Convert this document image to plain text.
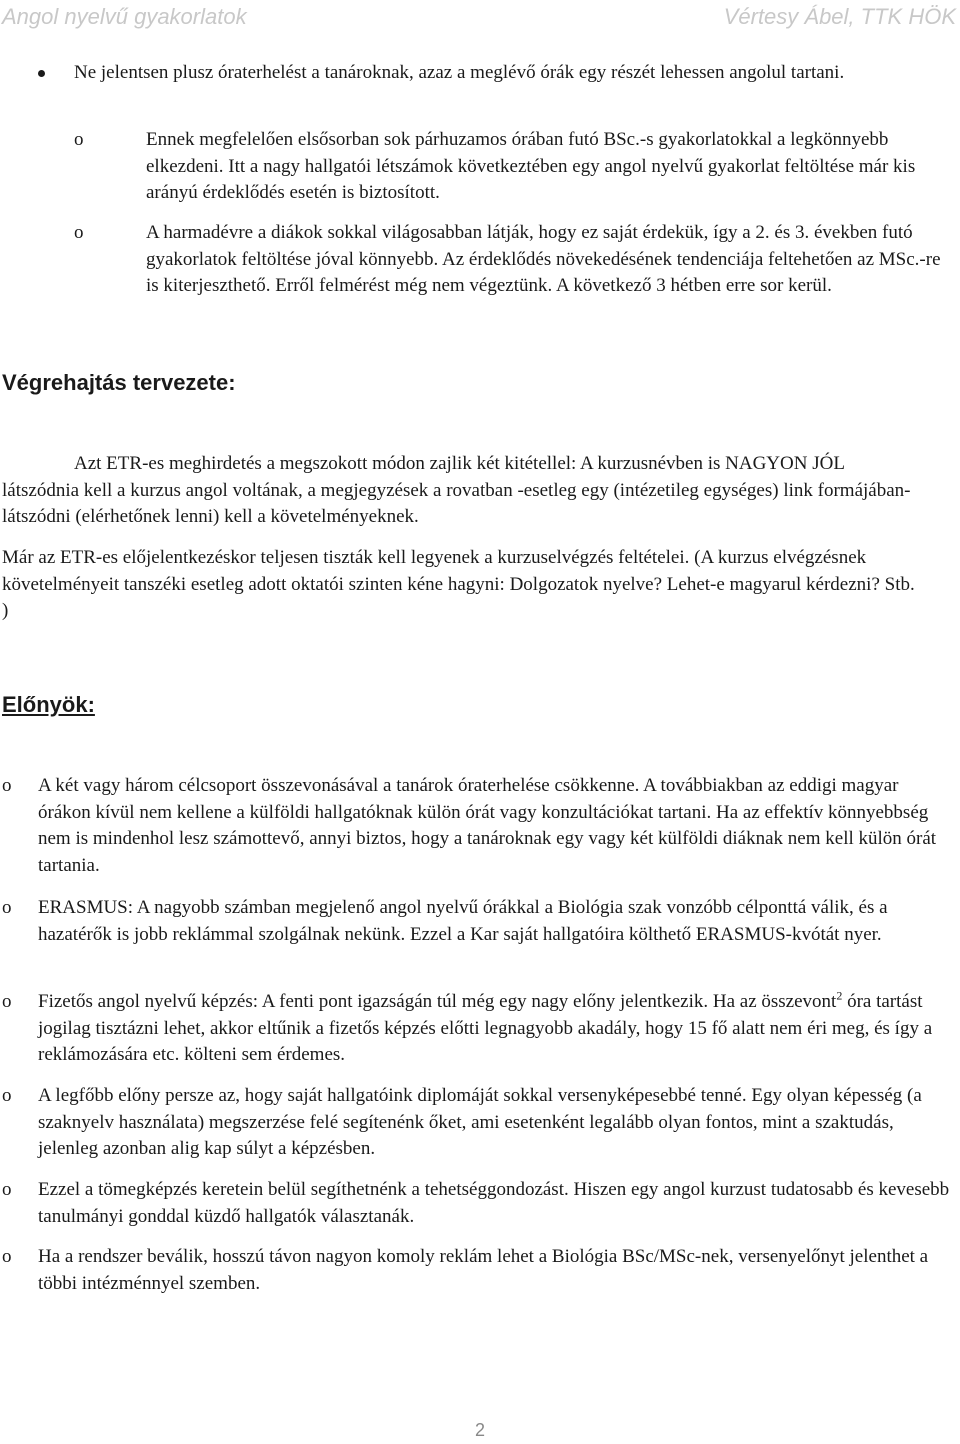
Angol nyelvű gyakorlatok	Vértesy Ábel, TTK HÖK

Ne jelentsen plusz óraterhelést a tanároknak, azaz a meglévő órák egy részét lehessen angolul tartani.

o	Ennek megfelelően elsősorban sok párhuzamos órában futó BSc.-s gyakorlatokkal a legkönnyebb elkezdeni. Itt a nagy hallgatói létszámok következtében egy angol nyelvű gyakorlat feltöltése már kis arányú érdeklődés esetén is biztosított.

o	A harmadévre a diákok sokkal világosabban látják, hogy ez saját érdekük, így a 2. és 3. években futó gyakorlatok feltöltése jóval könnyebb. Az érdeklődés növekedésének tendenciája feltehetően az MSc.-re is kiterjeszthető. Erről felmérést még nem végeztünk. A következő 3 hétben erre sor kerül.

Végrehajtás tervezete:

Azt ETR-es meghirdetés a megszokott módon zajlik két kitétellel: A kurzusnévben is NAGYON JÓL látszódnia kell a kurzus angol voltának, a megjegyzések a rovatban -esetleg egy (intézetileg egységes) link formájában- látszódni (elérhetőnek lenni) kell a követelményeknek.

Már az ETR-es előjelentkezéskor teljesen tiszták kell legyenek a kurzuselvégzés feltételei. (A kurzus elvégzésnek követelményeit tanszéki esetleg adott oktatói szinten kéne hagyni: Dolgozatok nyelve? Lehet-e magyarul kérdezni? Stb. )

Előnyök:
o A két vagy három célcsoport összevonásával a tanárok óraterhelése csökkenne. A továbbiakban az eddigi magyar órákon kívül nem kellene a külföldi hallgatóknak külön órát vagy konzultációkat tartani. Ha az effektív könnyebbség nem is mindenhol lesz számottevő, annyi biztos, hogy a tanároknak egy vagy két külföldi diáknak nem kell külön órát tartania.

o ERASMUS: A nagyobb számban megjelenő angol nyelvű órákkal a Biológia szak vonzóbb célponttá válik, és a hazatérők is jobb reklámmal szolgálnak nekünk. Ezzel a Kar saját hallgatóira költhető ERASMUS-kvótát nyer.

o Fizetős angol nyelvű képzés: A fenti pont igazságán túl még egy nagy előny jelentkezik. Ha az összevont$^2$ óra tartást jogilag tisztázni lehet, akkor eltűnik a fizetős képzés előtti legnagyobb akadály, hogy 15 fő alatt nem éri meg, és így a reklámozására etc. költeni sem érdemes.

o A legfőbb előny persze az, hogy saját hallgatóink diplomáját sokkal versenyképesebbé tenné. Egy olyan képesség (a szaknyelv használata) megszerzése felé segítenénk őket, ami esetenként legalább olyan fontos, mint a szaktudás, jelenleg azonban alig kap súlyt a képzésben.

o Ezzel a tömegképzés keretein belül segíthetnénk a tehetséggondozást. Hiszen egy angol kurzust tudatosabb és kevesebb tanulmányi gonddal küzdő hallgatók választanák.

o Ha a rendszer beválik, hosszú távon nagyon komoly reklám lehet a Biológia BSc/MSc-nek, versenyelőnyt jelenthet a többi intézménnyel szemben.

2
